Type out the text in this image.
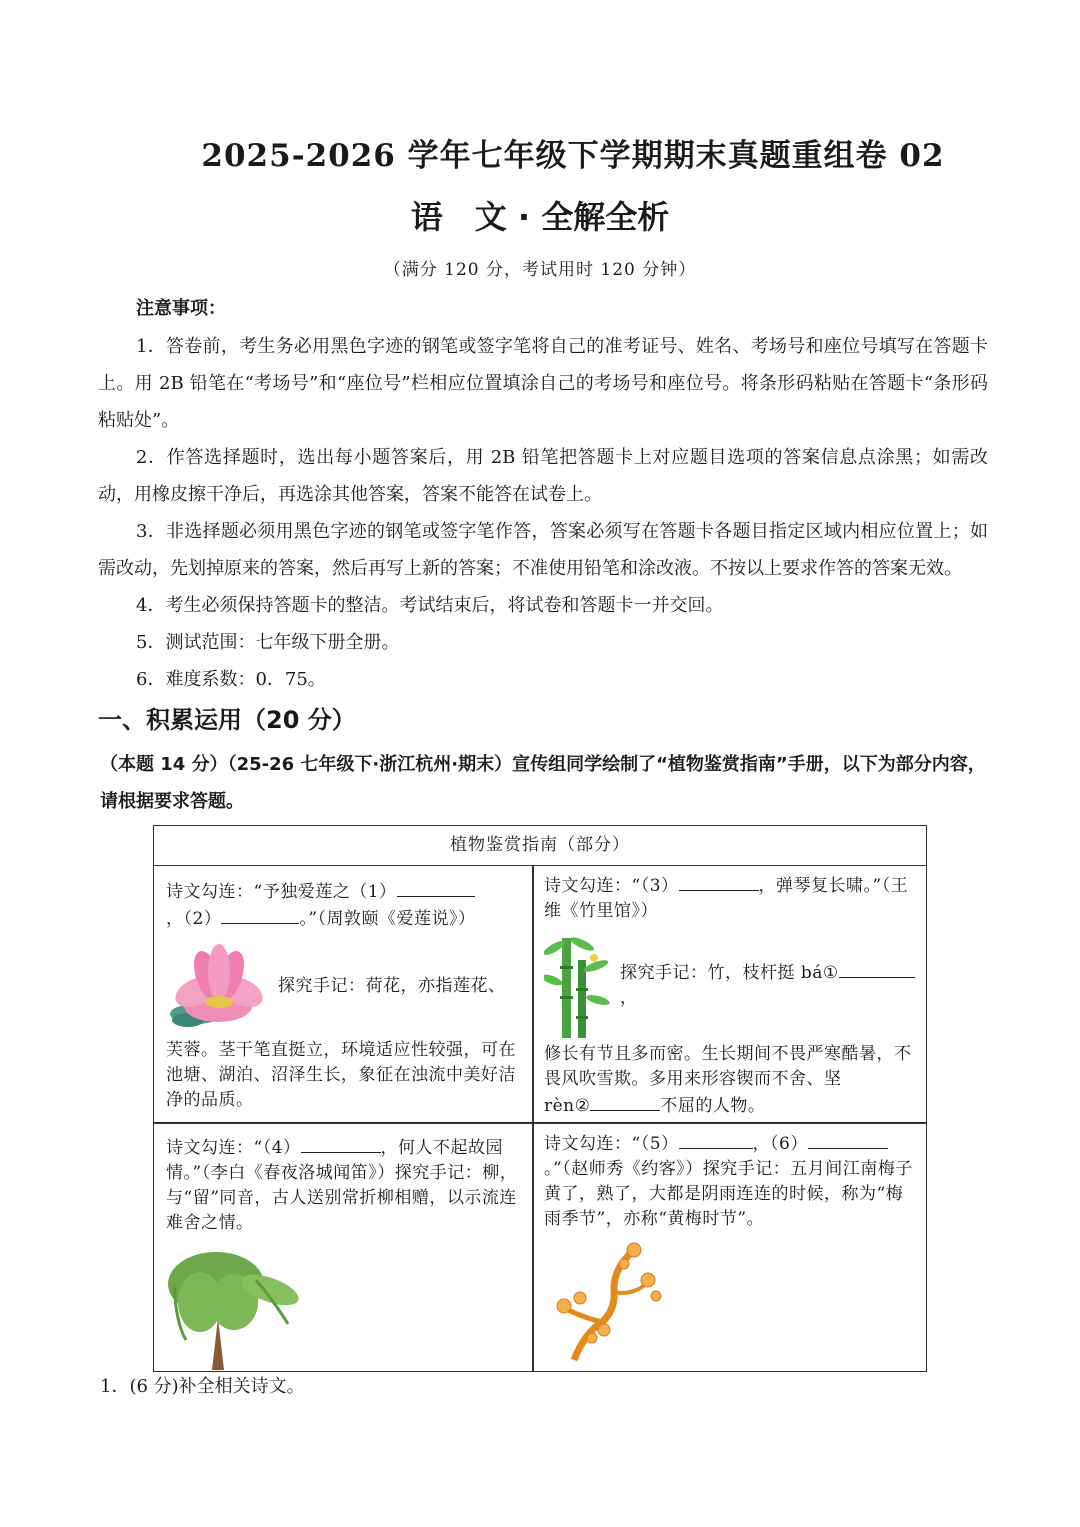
2025-2026 学年七年级下学期期末真题重组卷 02
语　文 · 全解全析
（满分 120 分，考试用时 120 分钟）
注意事项：

1．答卷前，考生务必用黑色字迹的钢笔或签字笔将自己的准考证号、姓名、考场号和座位号填写在答题卡上。用 2B 铅笔在“考场号”和“座位号”栏相应位置填涂自己的考场号和座位号。将条形码粘贴在答题卡“条形码粘贴处”。

2．作答选择题时，选出每小题答案后，用 2B 铅笔把答题卡上对应题目选项的答案信息点涂黑；如需改动，用橡皮擦干净后，再选涂其他答案，答案不能答在试卷上。

3．非选择题必须用黑色字迹的钢笔或签字笔作答，答案必须写在答题卡各题目指定区域内相应位置上；如需改动，先划掉原来的答案，然后再写上新的答案；不准使用铅笔和涂改液。不按以上要求作答的答案无效。

4．考生必须保持答题卡的整洁。考试结束后，将试卷和答题卡一并交回。

5．测试范围：七年级下册全册。

6．难度系数：0．75。

一、积累运用（20 分）
（本题 14 分）（25-26 七年级下·浙江杭州·期末）宣传组同学绘制了“植物鉴赏指南”手册，以下为部分内容，请根据要求答题。
植物鉴赏指南（部分）
诗文勾连：“予独爱莲之（1），（2）	。”（周敦颐《爱莲说》）
探究手记：荷花，亦指莲花、
芙蓉。茎干笔直挺立，环境适应性较强，可在池塘、湖泊、沼泽生长，象征在浊流中美好洁净的品质。
诗文勾连：“（3）	，弹琴复长啸。”（王维《竹里馆》）
探究手记：竹，枝杆挺 bá①，
修长有节且多而密。生长期间不畏严寒酷暑，不畏风吹雪欺。多用来形容锲而不舍、坚
rèn②	不屈的人物。
诗文勾连：“（4）	，何人不起故园情。”（李白《春夜洛城闻笛》）探究手记：柳，与“留”同音，古人送别常折柳相赠，以示流连难舍之情。
诗文勾连：“（5）	，（6）。”（赵师秀《约客》）探究手记：五月间江南梅子黄了，熟了，大都是阴雨连连的时候，称为“梅雨季节”，亦称“黄梅时节”。
1．(6 分)补全相关诗文。
